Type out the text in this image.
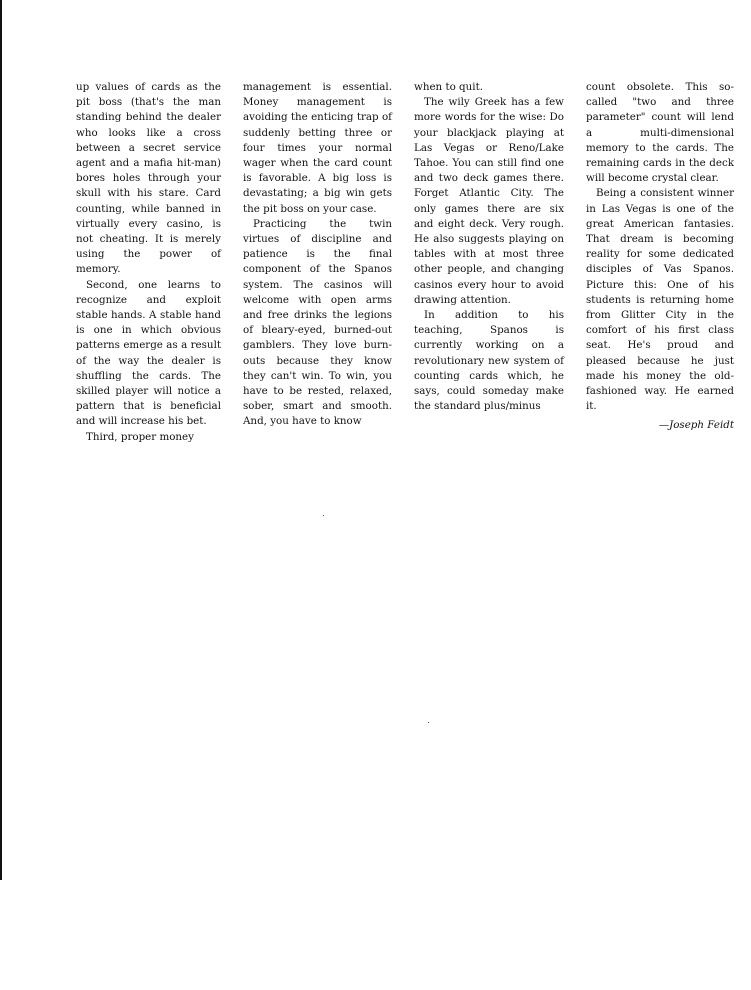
up values of cards as the pit boss (that's the man standing behind the dealer who looks like a cross between a secret service agent and a mafia hit-man) bores holes through your skull with his stare. Card counting, while banned in virtually every casino, is not cheating. It is merely using the power of memory.

Second, one learns to recognize and exploit stable hands. A stable hand is one in which obvious patterns emerge as a result of the way the dealer is shuffling the cards. The skilled player will notice a pattern that is beneficial and will increase his bet.

Third, proper money

management is essential. Money management is avoiding the enticing trap of suddenly betting three or four times your normal wager when the card count is favorable. A big loss is devastating; a big win gets the pit boss on your case.

Practicing the twin virtues of discipline and patience is the final component of the Spanos system. The casinos will welcome with open arms and free drinks the legions of bleary-eyed, burned-out gamblers. They love burn-outs because they know they can't win. To win, you have to be rested, relaxed, sober, smart and smooth. And, you have to know

when to quit.

The wily Greek has a few more words for the wise: Do your blackjack playing at Las Vegas or Reno/Lake Tahoe. You can still find one and two deck games there. Forget Atlantic City. The only games there are six and eight deck. Very rough. He also suggests playing on tables with at most three other people, and changing casinos every hour to avoid drawing attention.

In addition to his teaching, Spanos is currently working on a revolutionary new system of counting cards which, he says, could someday make the standard plus/minus

count obsolete. This so-called "two and three parameter" count will lend a multi-dimensional memory to the cards. The remaining cards in the deck will become crystal clear.

Being a consistent winner in Las Vegas is one of the great American fantasies. That dream is becoming reality for some dedicated disciples of Vas Spanos. Picture this: One of his students is returning home from Glitter City in the comfort of his first class seat. He's proud and pleased because he just made his money the old-fashioned way. He earned it.

—Joseph Feidt
